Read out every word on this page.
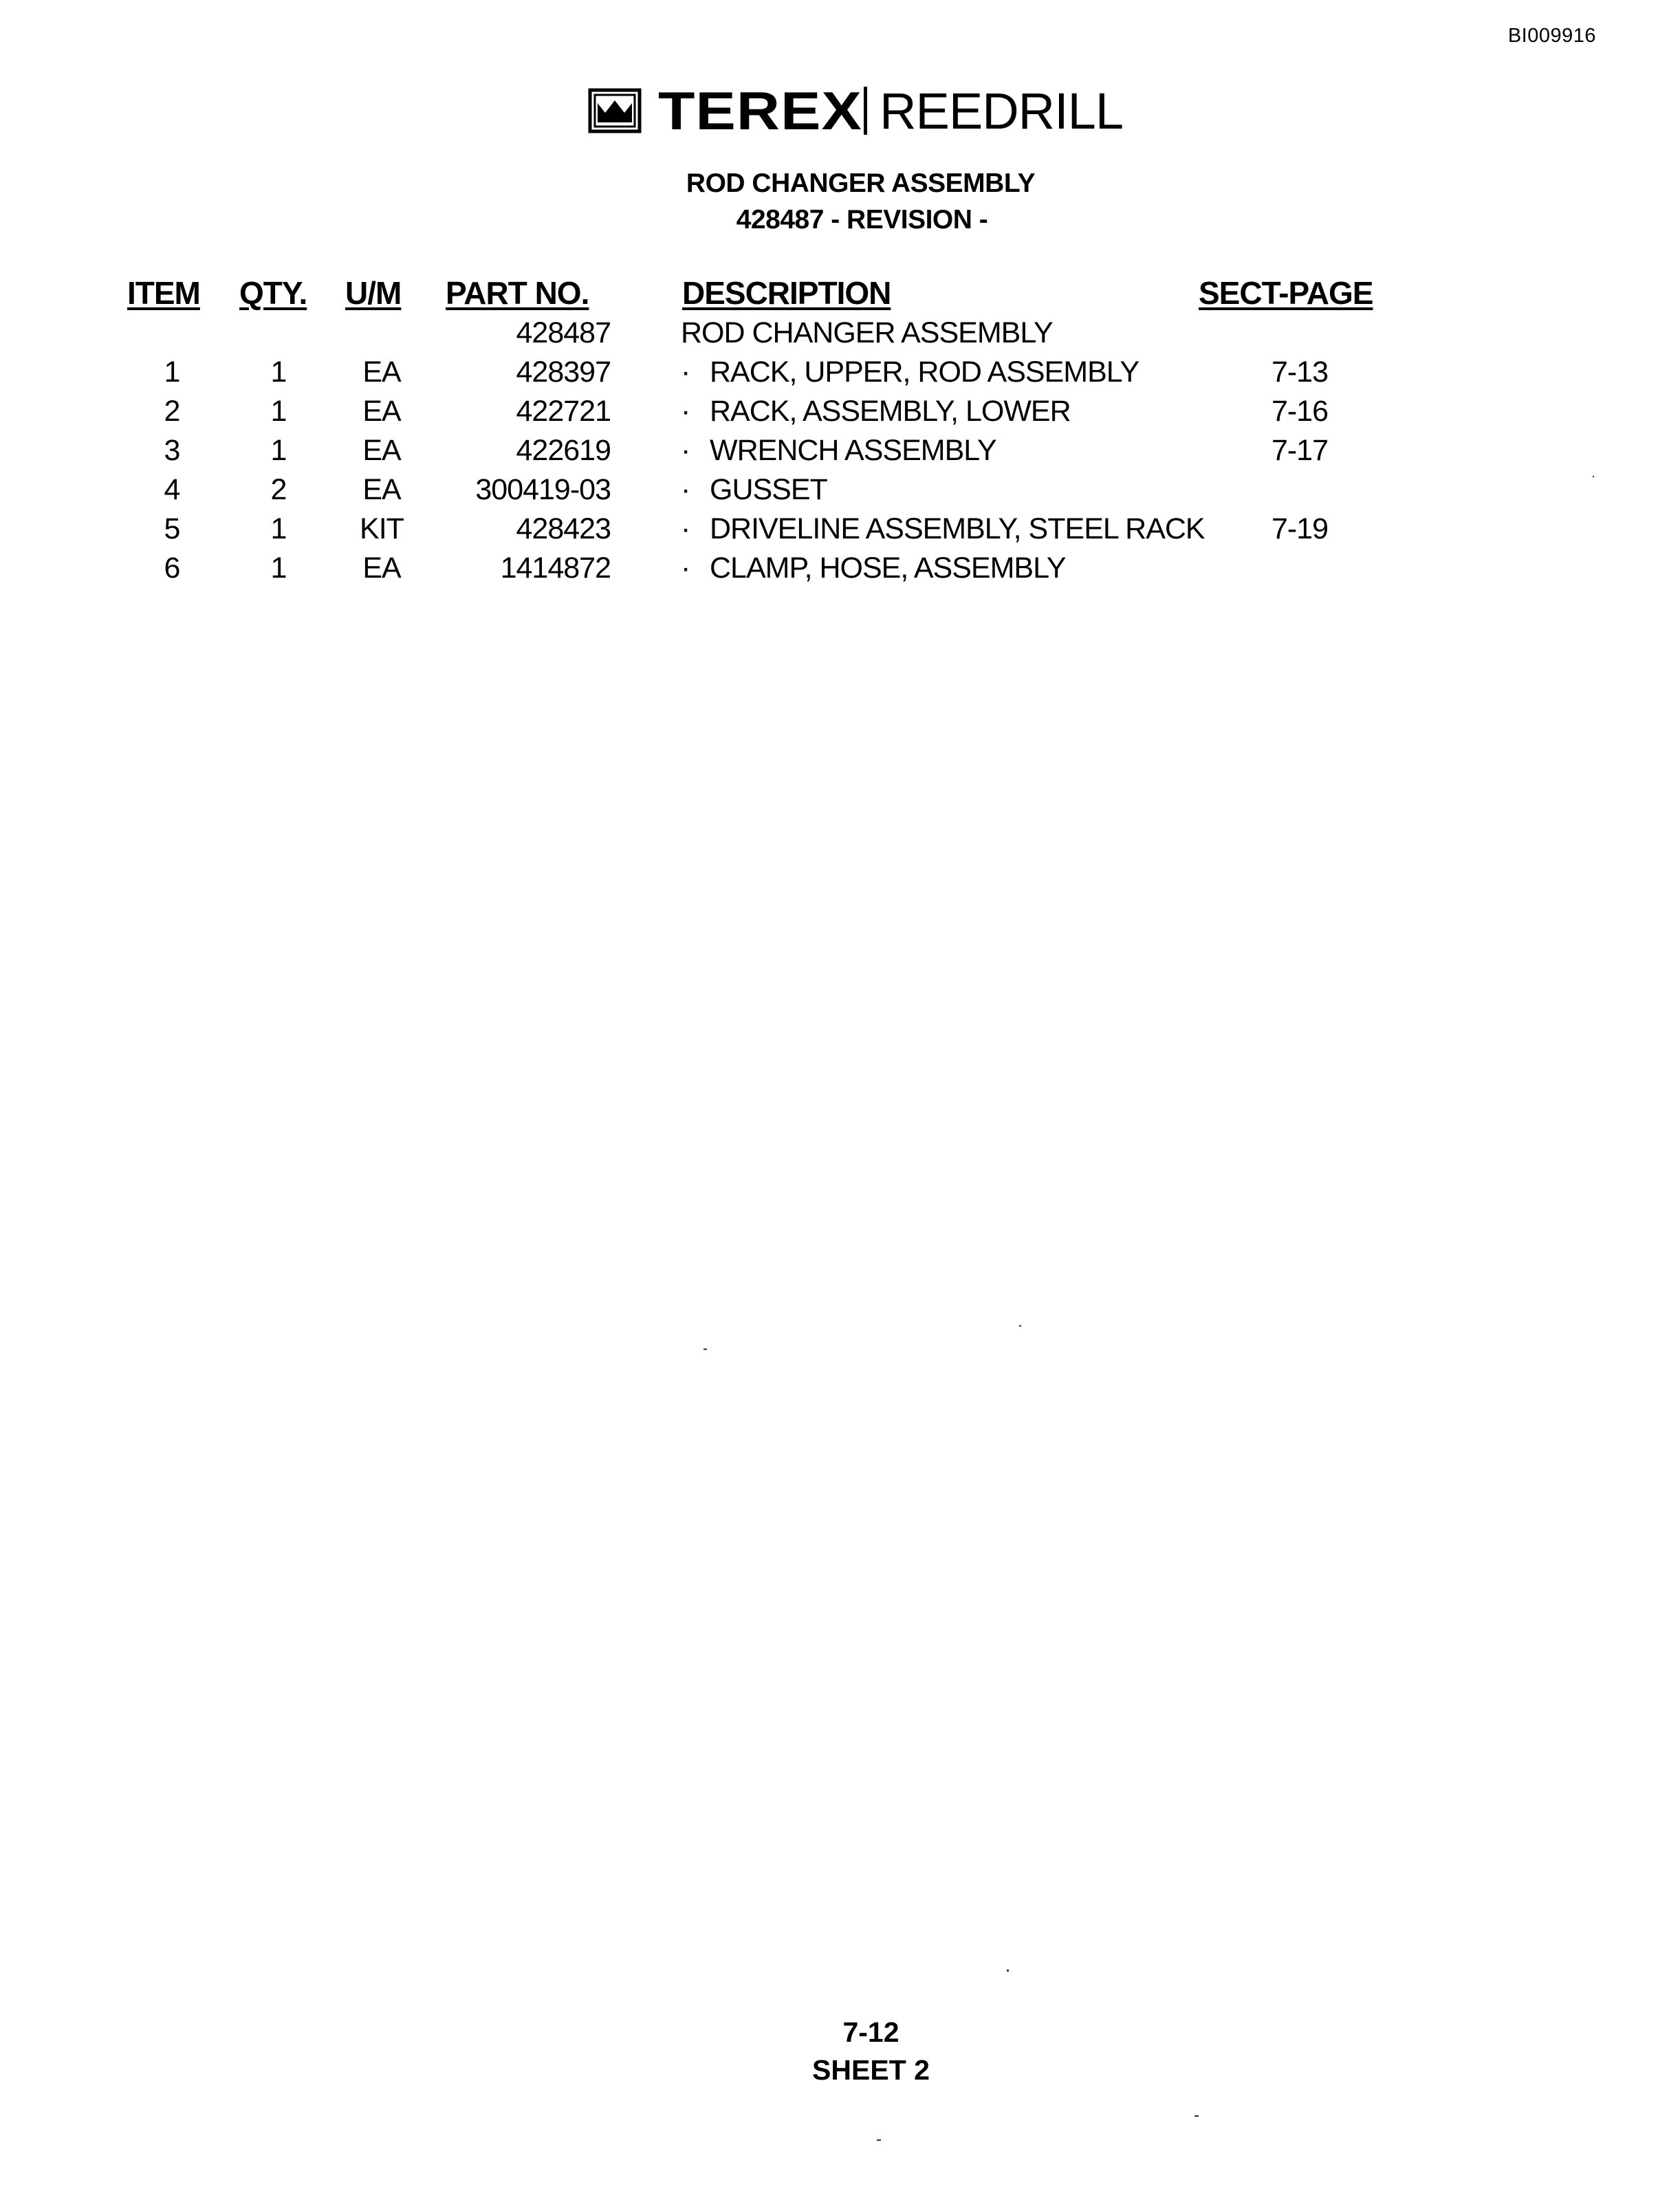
BI009916
TEREX REEDRILL
ROD CHANGER ASSEMBLY
428487 - REVISION -
ITEM QTY. U/M PART NO.	DESCRIPTION	SECT-PAGE
428487 ROD CHANGER ASSEMBLY
1	1	EA	428397 · RACK, UPPER, ROD ASSEMBLY	7-13
2	1	EA	422721 · RACK, ASSEMBLY, LOWER	7-16
3	1	EA	422619 · WRENCH ASSEMBLY	7-17
4	2	EA	300419-03 · GUSSET
5	1	KIT	428423 · DRIVELINE ASSEMBLY, STEEL RACK	7-19
6	1	EA	1414872 · CLAMP, HOSE, ASSEMBLY
7-12
SHEET 2
